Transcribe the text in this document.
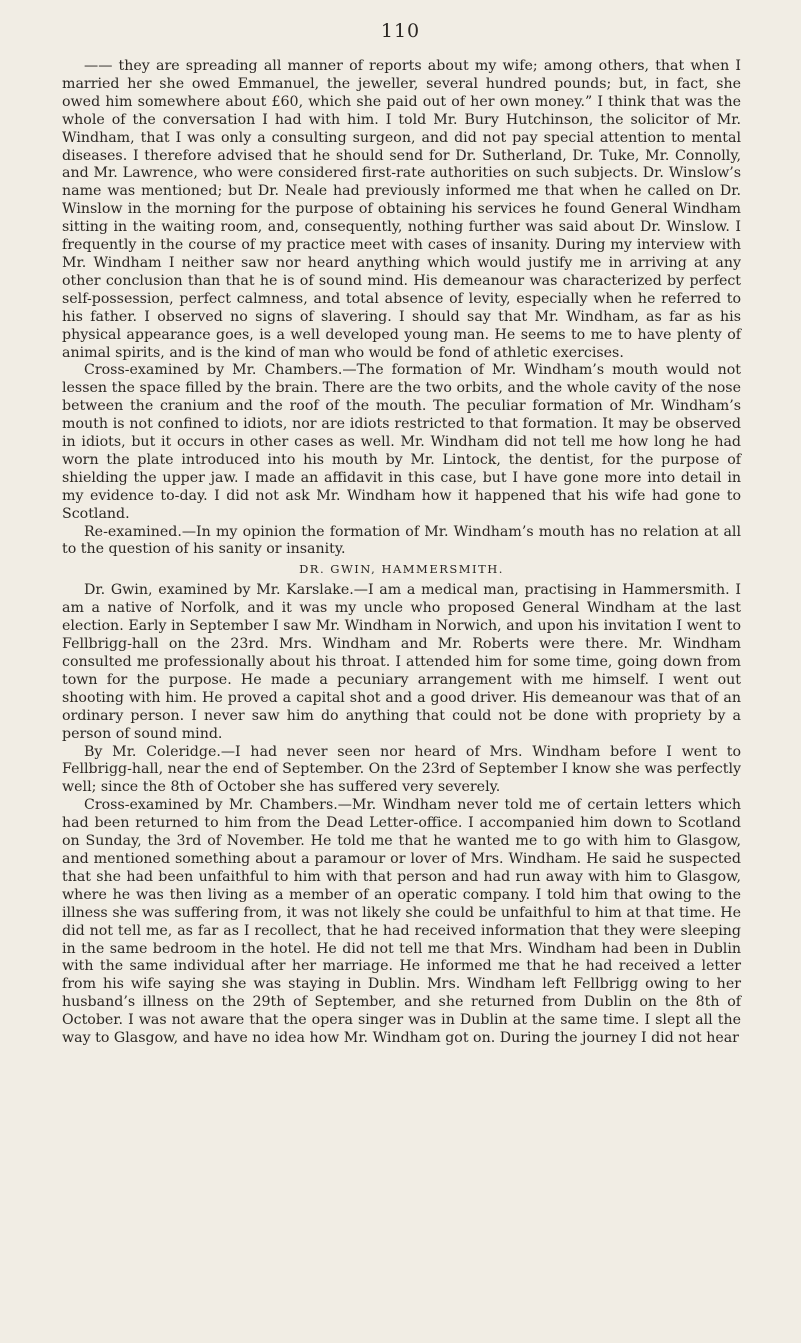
110

—— they are spreading all manner of reports about my wife; among others, that when I married her she owed Emmanuel, the jeweller, several hundred pounds; but, in fact, she owed him somewhere about £60, which she paid out of her own money.” I think that was the whole of the conversation I had with him. I told Mr. Bury Hutchinson, the solicitor of Mr. Windham, that I was only a consulting surgeon, and did not pay special attention to mental diseases. I therefore advised that he should send for Dr. Sutherland, Dr. Tuke, Mr. Connolly, and Mr. Lawrence, who were considered first-rate authorities on such subjects. Dr. Winslow’s name was mentioned; but Dr. Neale had previously informed me that when he called on Dr. Winslow in the morning for the purpose of obtaining his services he found General Windham sitting in the waiting room, and, consequently, nothing further was said about Dr. Winslow. I frequently in the course of my practice meet with cases of insanity. During my interview with Mr. Windham I neither saw nor heard anything which would justify me in arriving at any other conclusion than that he is of sound mind. His demeanour was characterized by perfect self-possession, perfect calmness, and total absence of levity, especially when he referred to his father. I observed no signs of slavering. I should say that Mr. Windham, as far as his physical appearance goes, is a well developed young man. He seems to me to have plenty of animal spirits, and is the kind of man who would be fond of athletic exercises.

Cross-examined by Mr. Chambers.—The formation of Mr. Windham’s mouth would not lessen the space filled by the brain. There are the two orbits, and the whole cavity of the nose between the cranium and the roof of the mouth. The peculiar formation of Mr. Windham’s mouth is not confined to idiots, nor are idiots restricted to that formation. It may be observed in idiots, but it occurs in other cases as well. Mr. Windham did not tell me how long he had worn the plate introduced into his mouth by Mr. Lintock, the dentist, for the purpose of shielding the upper jaw. I made an affidavit in this case, but I have gone more into detail in my evidence to-day. I did not ask Mr. Windham how it happened that his wife had gone to Scotland.

Re-examined.—In my opinion the formation of Mr. Windham’s mouth has no relation at all to the question of his sanity or insanity.

DR. GWIN, HAMMERSMITH.

Dr. Gwin, examined by Mr. Karslake.—I am a medical man, practising in Hammersmith. I am a native of Norfolk, and it was my uncle who proposed General Windham at the last election. Early in September I saw Mr. Windham in Norwich, and upon his invitation I went to Fellbrigg-hall on the 23rd. Mrs. Windham and Mr. Roberts were there. Mr. Windham consulted me professionally about his throat. I attended him for some time, going down from town for the purpose. He made a pecuniary arrangement with me himself. I went out shooting with him. He proved a capital shot and a good driver. His demeanour was that of an ordinary person. I never saw him do anything that could not be done with propriety by a person of sound mind.

By Mr. Coleridge.—I had never seen nor heard of Mrs. Windham before I went to Fellbrigg-hall, near the end of September. On the 23rd of September I know she was perfectly well; since the 8th of October she has suffered very severely.

Cross-examined by Mr. Chambers.—Mr. Windham never told me of certain letters which had been returned to him from the Dead Letter-office. I accompanied him down to Scotland on Sunday, the 3rd of November. He told me that he wanted me to go with him to Glasgow, and mentioned something about a paramour or lover of Mrs. Windham. He said he suspected that she had been unfaithful to him with that person and had run away with him to Glasgow, where he was then living as a member of an operatic company. I told him that owing to the illness she was suffering from, it was not likely she could be unfaithful to him at that time. He did not tell me, as far as I recollect, that he had received information that they were sleeping in the same bedroom in the hotel. He did not tell me that Mrs. Windham had been in Dublin with the same individual after her marriage. He informed me that he had received a letter from his wife saying she was staying in Dublin. Mrs. Windham left Fellbrigg owing to her husband’s illness on the 29th of September, and she returned from Dublin on the 8th of October. I was not aware that the opera singer was in Dublin at the same time. I slept all the way to Glasgow, and have no idea how Mr. Windham got on. During the journey I did not hear
